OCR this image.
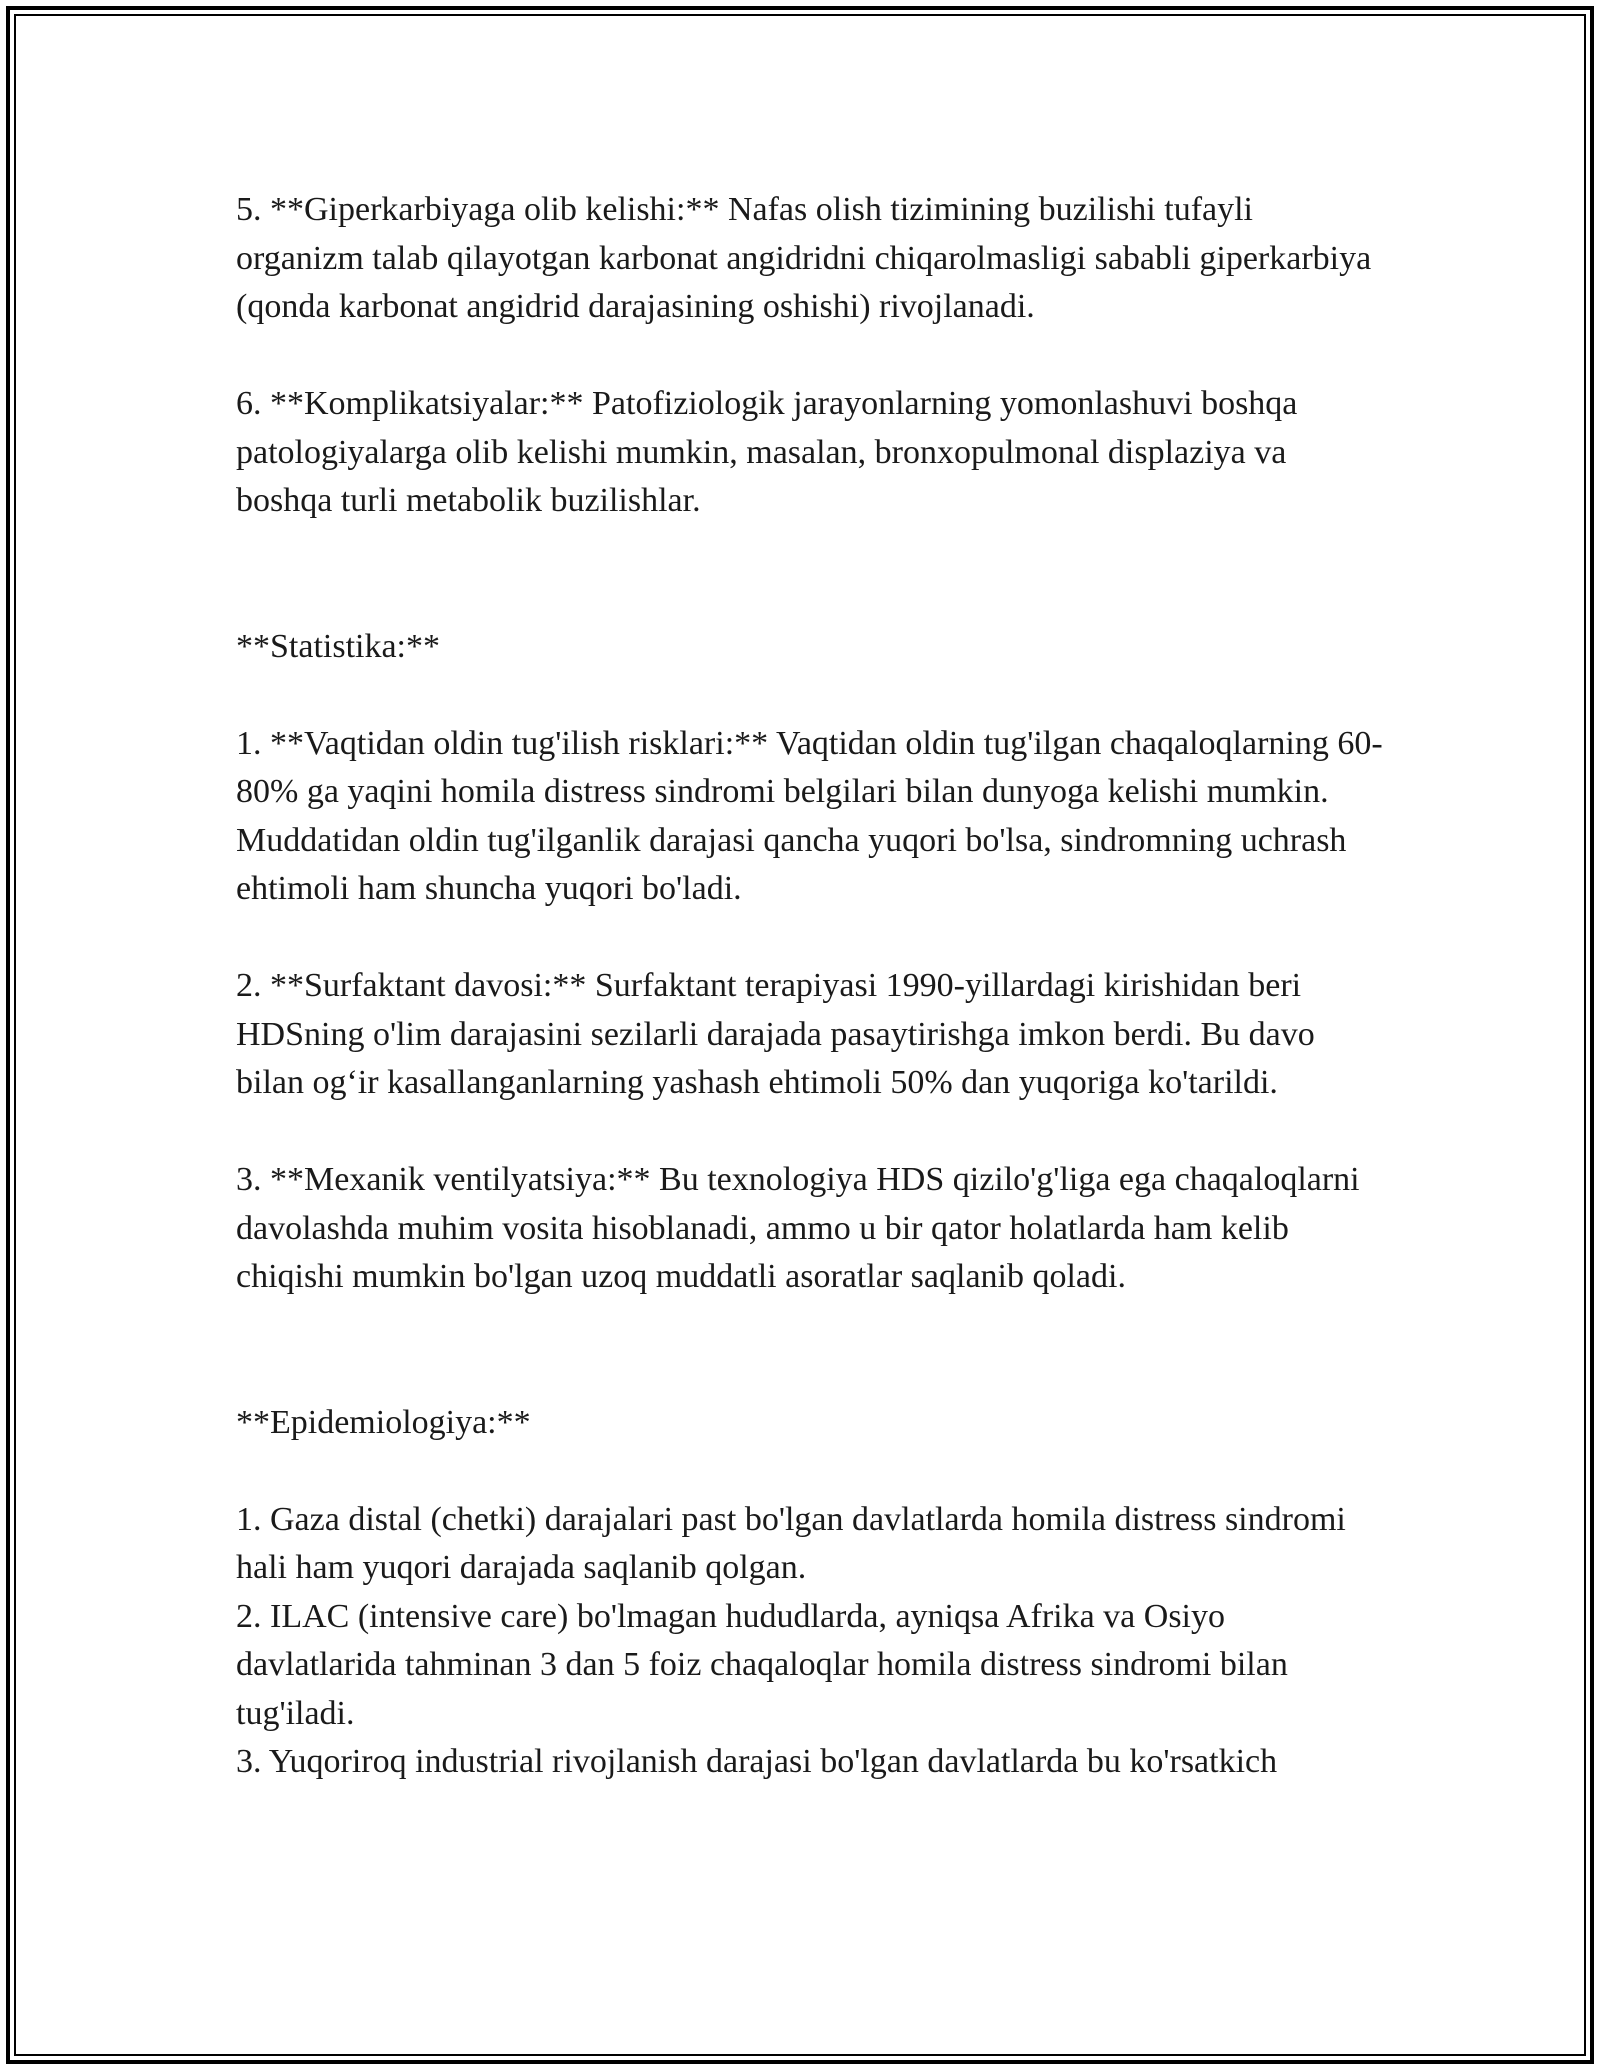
5. **Giperkarbiyaga olib kelishi:** Nafas olish tizimining buzilishi tufayli organizm talab qilayotgan karbonat angidridni chiqarolmasligi sababli giperkarbiya (qonda karbonat angidrid darajasining oshishi) rivojlanadi.

6. **Komplikatsiyalar:** Patofiziologik jarayonlarning yomonlashuvi boshqa patologiyalarga olib kelishi mumkin, masalan, bronxopulmonal displaziya va boshqa turli metabolik buzilishlar.

**Statistika:**

1. **Vaqtidan oldin tug'ilish risklari:** Vaqtidan oldin tug'ilgan chaqaloqlarning 60-80% ga yaqini homila distress sindromi belgilari bilan dunyoga kelishi mumkin. Muddatidan oldin tug'ilganlik darajasi qancha yuqori bo'lsa, sindromning uchrash ehtimoli ham shuncha yuqori bo'ladi.

2. **Surfaktant davosi:** Surfaktant terapiyasi 1990-yillardagi kirishidan beri HDSning o'lim darajasini sezilarli darajada pasaytirishga imkon berdi. Bu davo bilan og‘ir kasallanganlarning yashash ehtimoli 50% dan yuqoriga ko'tarildi.

3. **Mexanik ventilyatsiya:** Bu texnologiya HDS qizilo'g'liga ega chaqaloqlarni davolashda muhim vosita hisoblanadi, ammo u bir qator holatlarda ham kelib chiqishi mumkin bo'lgan uzoq muddatli asoratlar saqlanib qoladi.

**Epidemiologiya:**

1. Gaza distal (chetki) darajalari past bo'lgan davlatlarda homila distress sindromi hali ham yuqori darajada saqlanib qolgan.

2. ILAC (intensive care) bo'lmagan hududlarda, ayniqsa Afrika va Osiyo davlatlarida tahminan 3 dan 5 foiz chaqaloqlar homila distress sindromi bilan tug'iladi.

3. Yuqoriroq industrial rivojlanish darajasi bo'lgan davlatlarda bu ko'rsatkich
